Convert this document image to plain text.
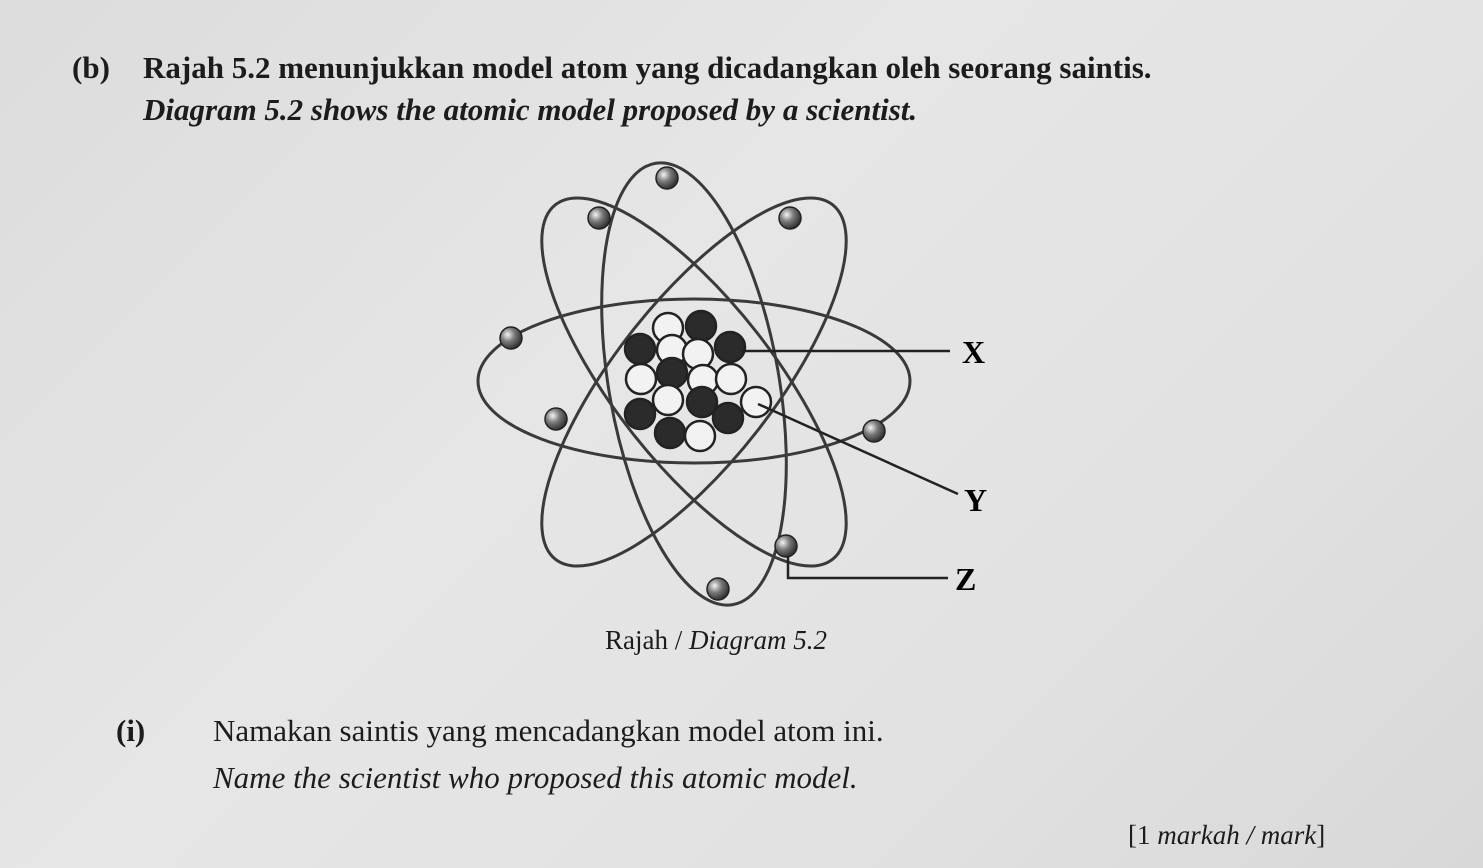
(b) Rajah 5.2 menunjukkan model atom yang dicadangkan oleh seorang saintis.
Diagram 5.2 shows the atomic model proposed by a scientist.
X
Y
Z
Rajah / Diagram 5.2
(i) Namakan saintis yang mencadangkan model atom ini.
Name the scientist who proposed this atomic model.
[1 markah / mark]
